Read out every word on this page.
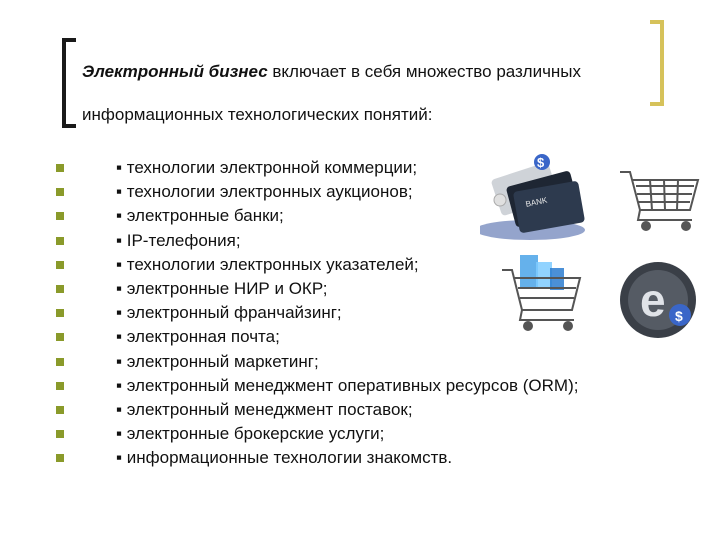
Электронный бизнес включает в себя множество различных информационных технологических понятий:
▪ технологии электронной коммерции;
▪ технологии электронных аукционов;
▪ электронные банки;
▪ IP-телефония;
▪ технологии электронных указателей;
▪ электронные НИР и ОКР;
▪ электронный франчайзинг;
▪ электронная почта;
▪ электронный маркетинг;
▪ электронный менеджмент оперативных ресурсов (ORM);
▪ электронный менеджмент поставок;
▪ электронные брокерские услуги;
▪ информационные технологии знакомств.
BANK
$
e $
